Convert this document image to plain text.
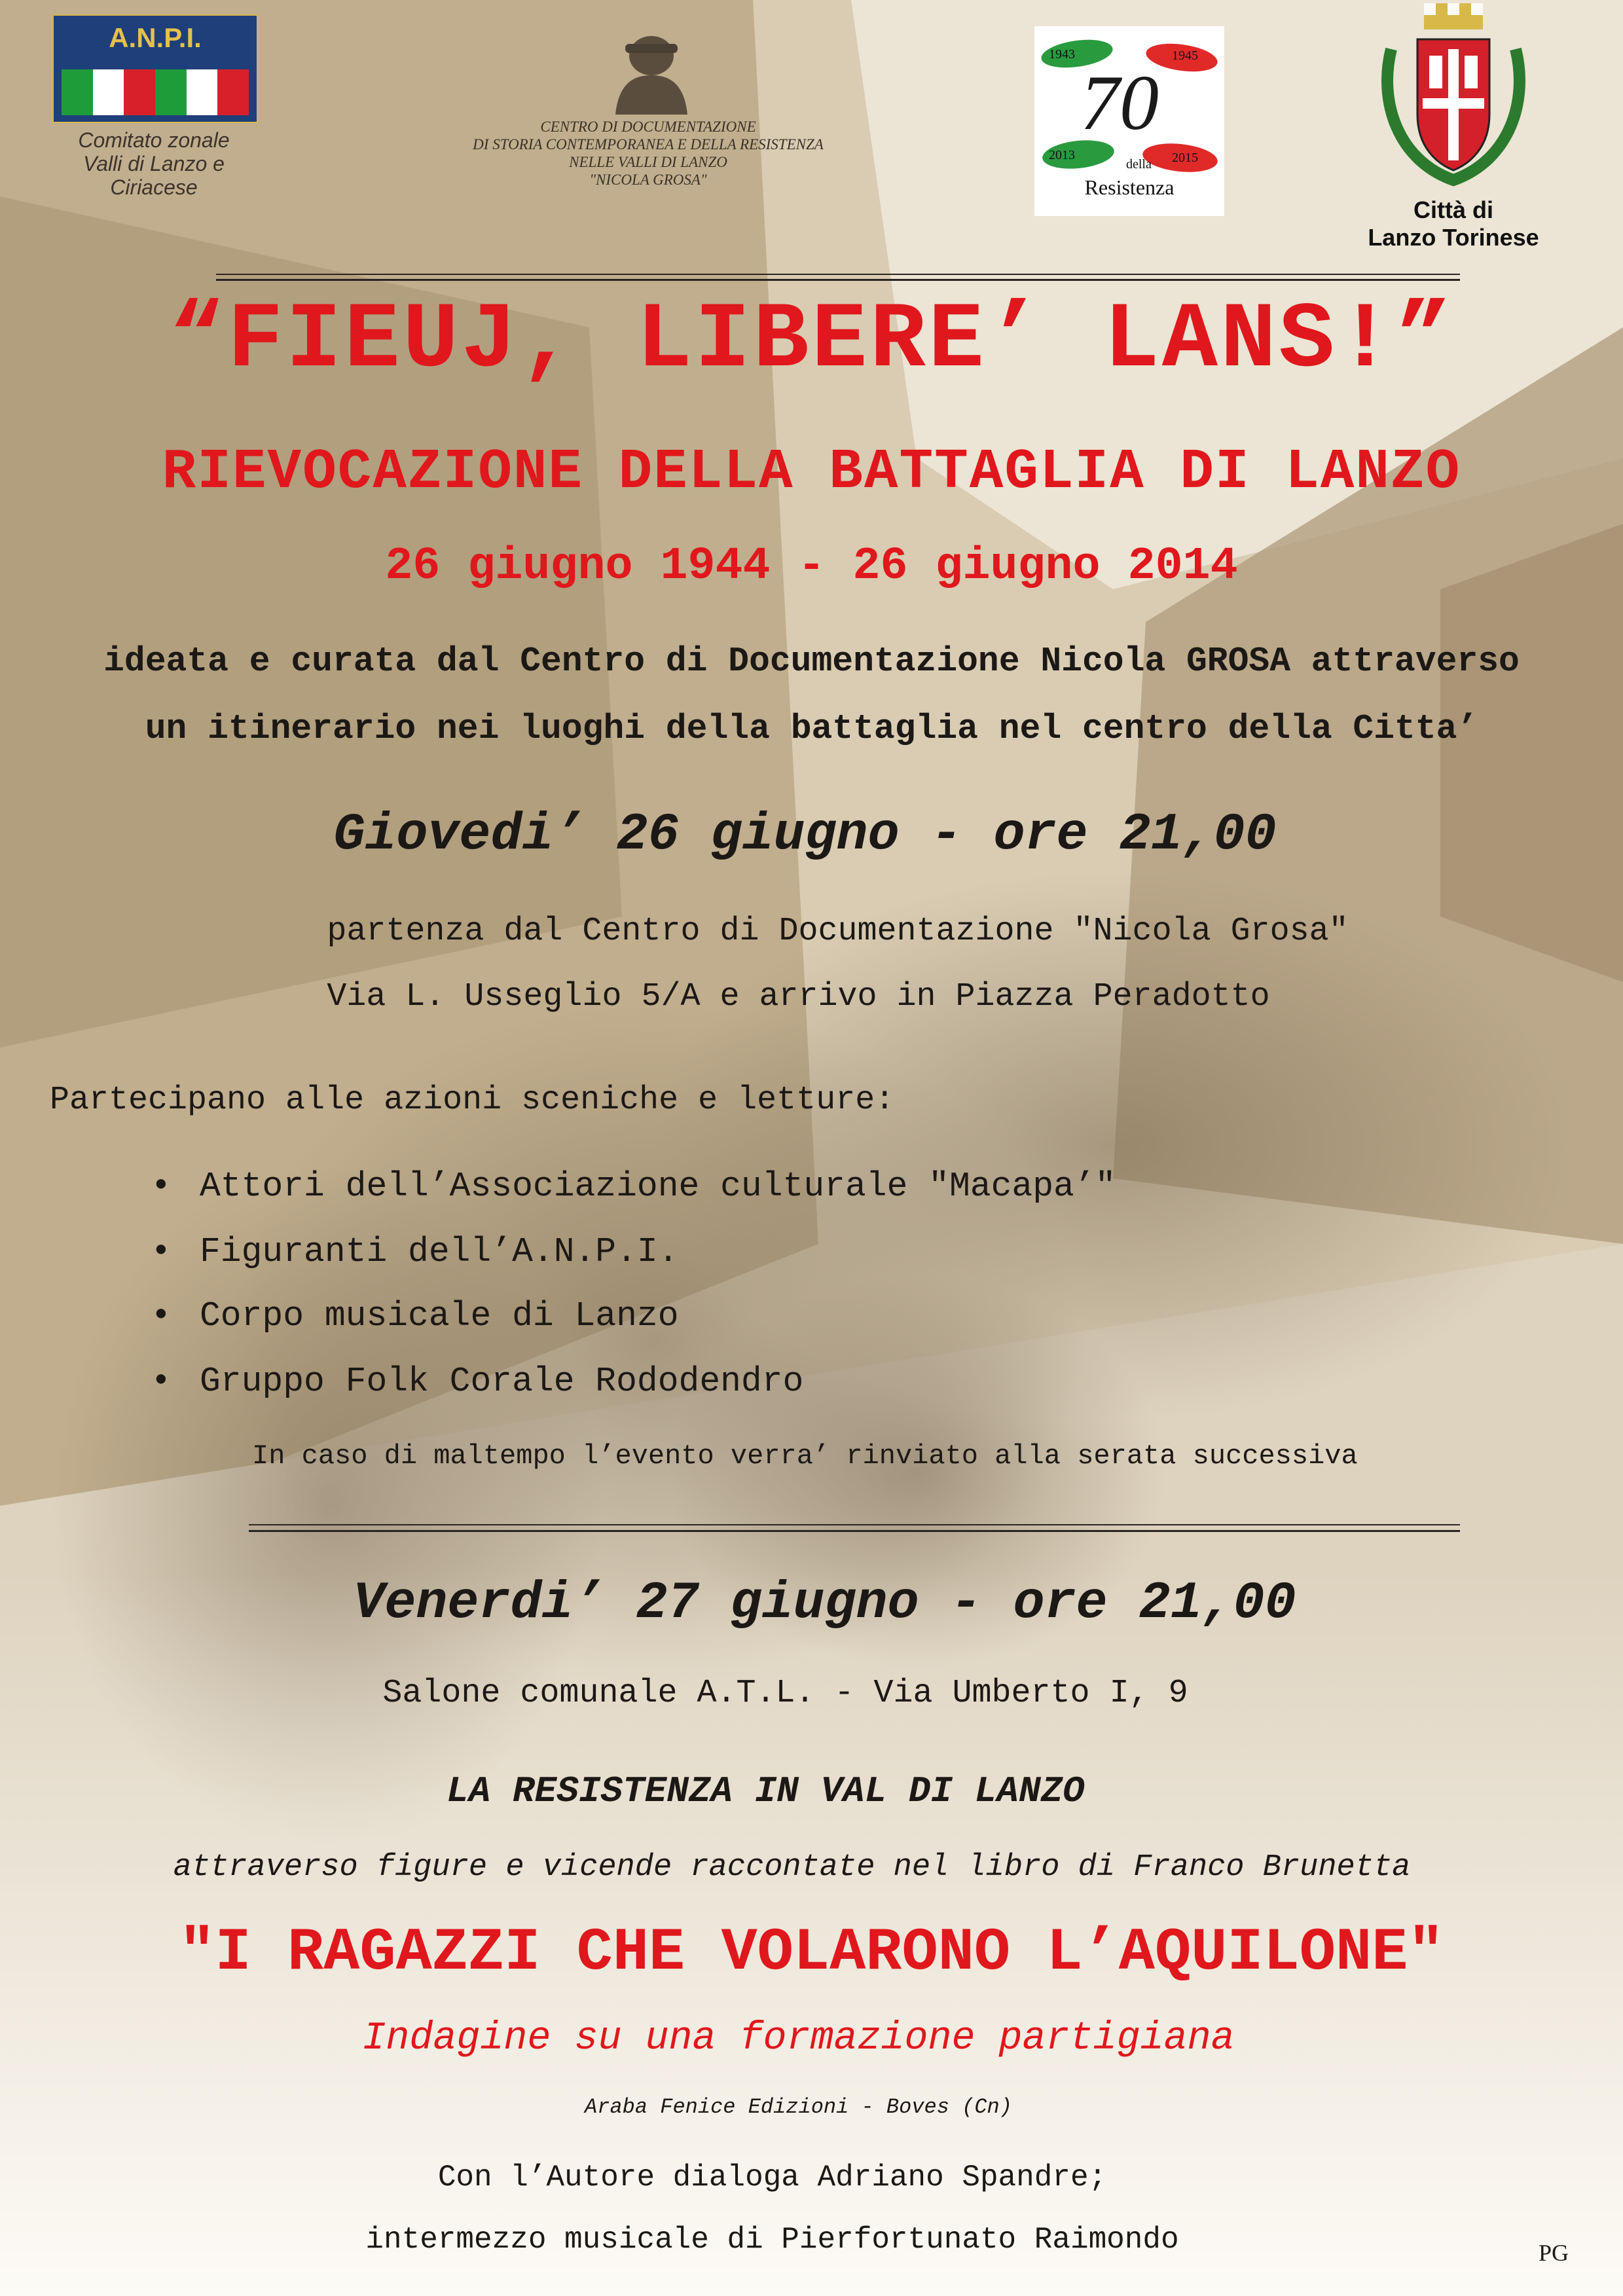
A.N.P.I.
Comitato zonale
Valli di Lanzo e
Ciriacese
CENTRO DI DOCUMENTAZIONE
DI STORIA CONTEMPORANEA E DELLA RESISTENZA
NELLE VALLI DI LANZO
"NICOLA GROSA"
1943	1945
2013	2015
70
della
Resistenza
Città di
Lanzo Torinese
“FIEUJ, LIBERE’ LANS!”
RIEVOCAZIONE DELLA BATTAGLIA DI LANZO
26 giugno 1944 - 26 giugno 2014
ideata e curata dal Centro di Documentazione Nicola GROSA attraverso
un itinerario nei luoghi della battaglia nel centro della Citta’
Giovedi’ 26 giugno - ore 21,00
partenza dal Centro di Documentazione "Nicola Grosa"
Via L. Usseglio 5/A e arrivo in Piazza Peradotto
Partecipano alle azioni sceniche e letture:
• Attori dell’Associazione culturale "Macapa’"
• Figuranti dell’A.N.P.I.
• Corpo musicale di Lanzo
• Gruppo Folk Corale Rododendro
In caso di maltempo l’evento verra’ rinviato alla serata successiva
Venerdi’ 27 giugno - ore 21,00
Salone comunale A.T.L. - Via Umberto I, 9
LA RESISTENZA IN VAL DI LANZO
attraverso figure e vicende raccontate nel libro di Franco Brunetta
"I RAGAZZI CHE VOLARONO L’AQUILONE"
Indagine su una formazione partigiana
Araba Fenice Edizioni - Boves (Cn)
Con l’Autore dialoga Adriano Spandre;
intermezzo musicale di Pierfortunato Raimondo	PG
